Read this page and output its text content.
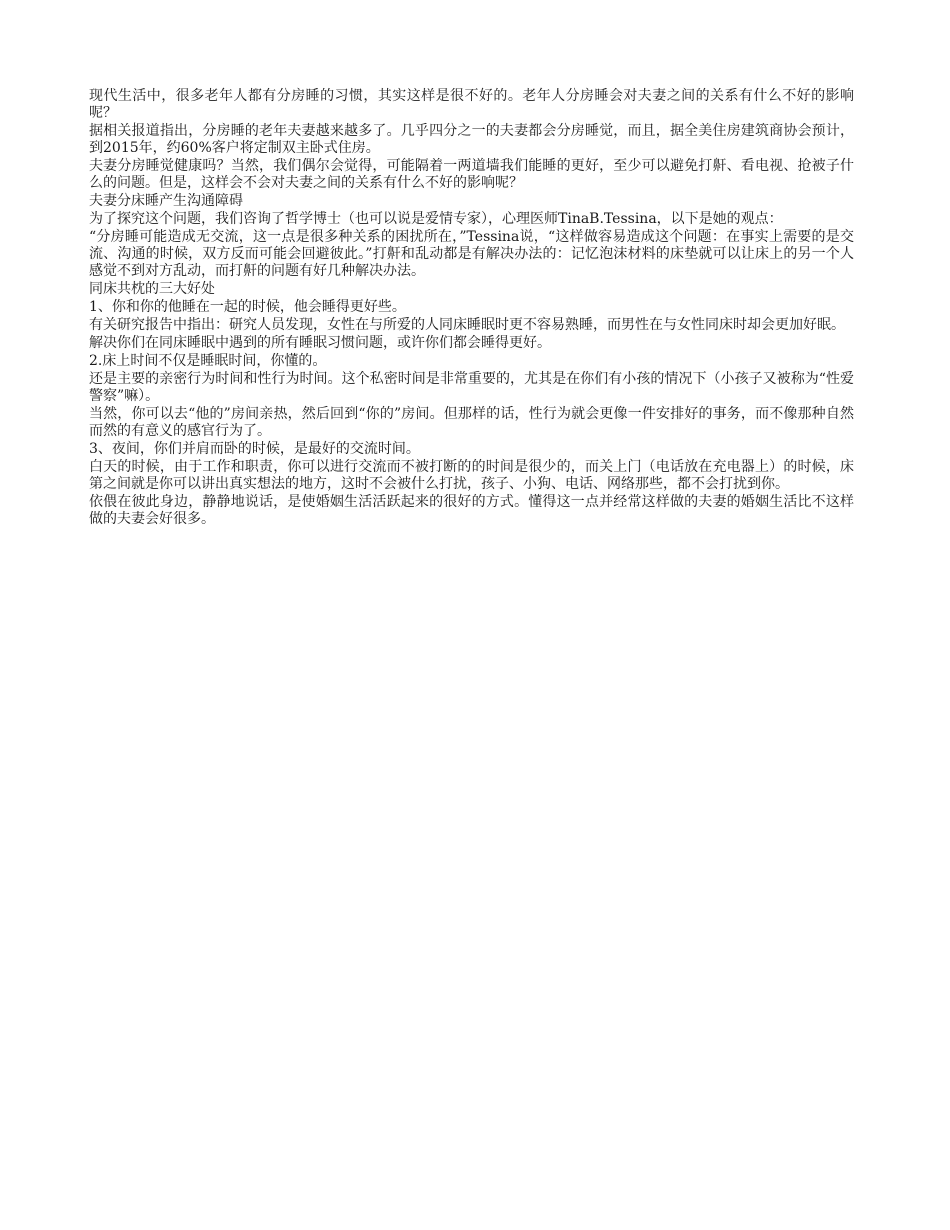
现代生活中，很多老年人都有分房睡的习惯，其实这样是很不好的。老年人分房睡会对夫妻之间的关系有什么不好的影响呢？

据相关报道指出，分房睡的老年夫妻越来越多了。几乎四分之一的夫妻都会分房睡觉，而且，据全美住房建筑商协会预计，到2015年，约60%客户将定制双主卧式住房。

夫妻分房睡觉健康吗？当然，我们偶尔会觉得，可能隔着一两道墙我们能睡的更好，至少可以避免打鼾、看电视、抢被子什么的问题。但是，这样会不会对夫妻之间的关系有什么不好的影响呢？

夫妻分床睡产生沟通障碍

为了探究这个问题，我们咨询了哲学博士（也可以说是爱情专家），心理医师TinaB.Tessina，以下是她的观点：

“分房睡可能造成无交流，这一点是很多种关系的困扰所在，”Tessina说，“这样做容易造成这个问题：在事实上需要的是交流、沟通的时候，双方反而可能会回避彼此。”打鼾和乱动都是有解决办法的：记忆泡沫材料的床垫就可以让床上的另一个人感觉不到对方乱动，而打鼾的问题有好几种解决办法。

同床共枕的三大好处

1、你和你的他睡在一起的时候，他会睡得更好些。

有关研究报告中指出：研究人员发现，女性在与所爱的人同床睡眠时更不容易熟睡，而男性在与女性同床时却会更加好眠。

解决你们在同床睡眠中遇到的所有睡眠习惯问题，或许你们都会睡得更好。

2.床上时间不仅是睡眠时间，你懂的。

还是主要的亲密行为时间和性行为时间。这个私密时间是非常重要的，尤其是在你们有小孩的情况下（小孩子又被称为“性爱警察”嘛）。

当然，你可以去“他的”房间亲热，然后回到“你的”房间。但那样的话，性行为就会更像一件安排好的事务，而不像那种自然而然的有意义的感官行为了。

3、夜间，你们并肩而卧的时候，是最好的交流时间。

白天的时候，由于工作和职责，你可以进行交流而不被打断的的时间是很少的，而关上门（电话放在充电器上）的时候，床第之间就是你可以讲出真实想法的地方，这时不会被什么打扰，孩子、小狗、电话、网络那些，都不会打扰到你。

依偎在彼此身边，静静地说话，是使婚姻生活活跃起来的很好的方式。懂得这一点并经常这样做的夫妻的婚姻生活比不这样做的夫妻会好很多。
